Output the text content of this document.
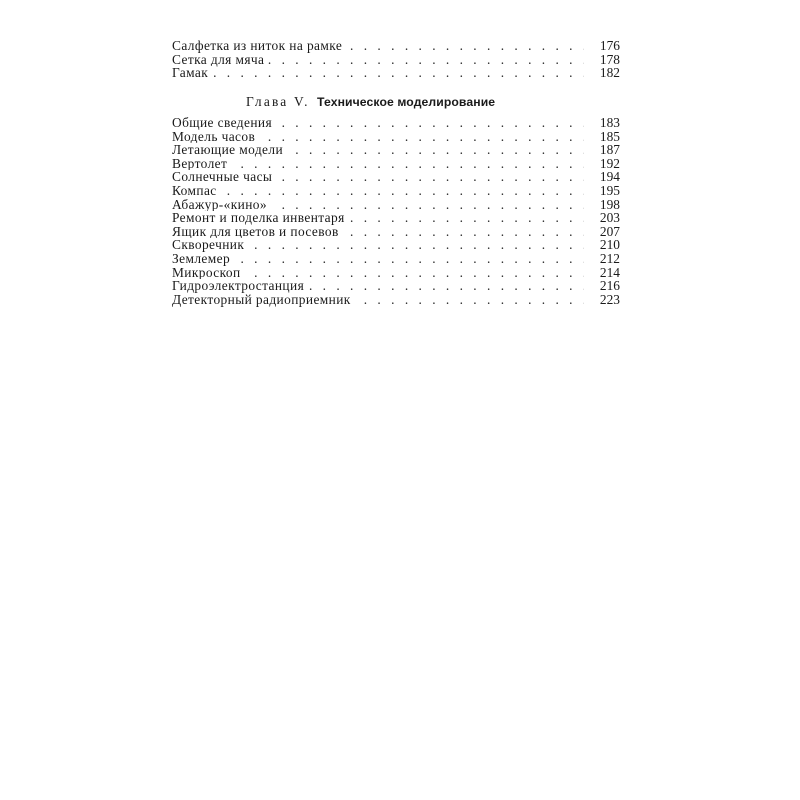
. . .
Салфетка из ниток на рамке	176
. . .
Сетка для мяча	178
. . .
Гамак	182
Глава V. Техническое моделирование
. . .
Общие сведения	183
. . .
Модель часов	185
. . .
Летающие модели	187
. . .
Вертолет	192
. . .
Солнечные часы	194
. . .
Компас	195
. . .
Абажур-«кино»	198
. . .
Ремонт и поделка инвентаря	203
. . .
Ящик для цветов и посевов	207
. . .
Скворечник	210
. . .
Землемер	212
. . .
Микроскоп	214
. . .
Гидроэлектростанция	216
. . .
Детекторный радиоприемник	223
